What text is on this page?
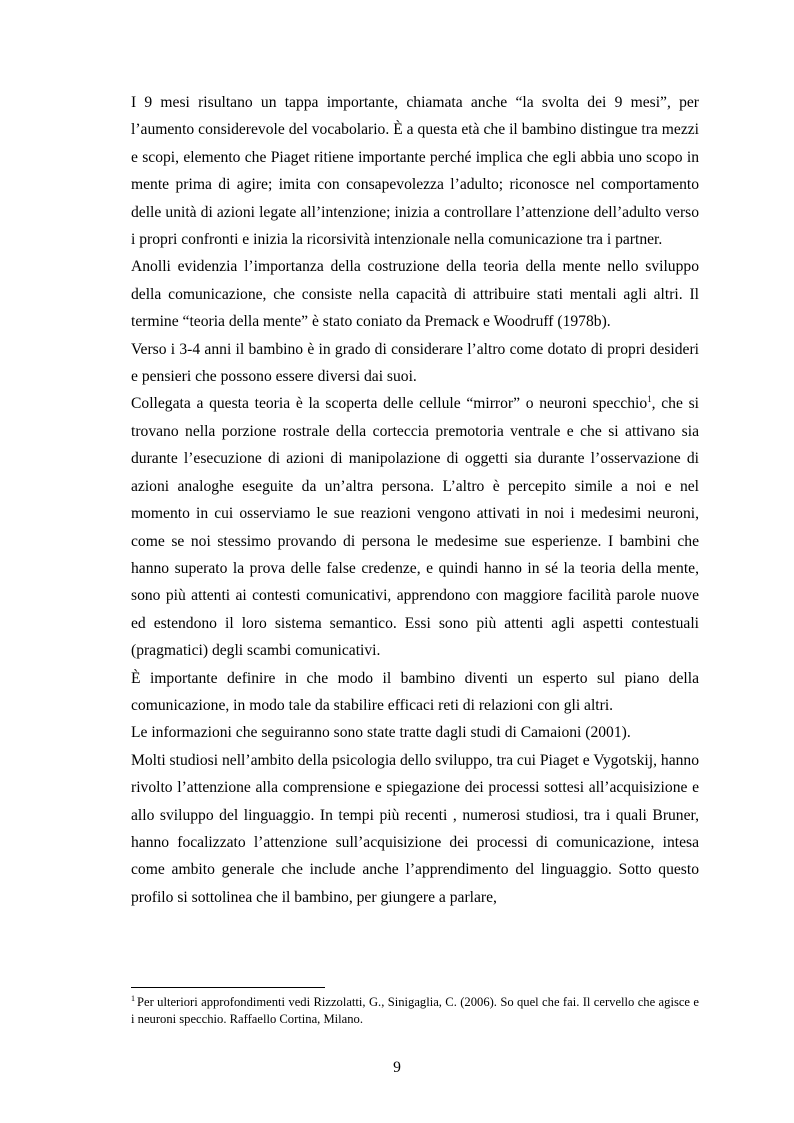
I 9 mesi risultano un tappa importante, chiamata anche “la svolta dei 9 mesi”, per l’aumento considerevole del vocabolario. È a questa età che il bambino distingue tra mezzi e scopi, elemento che Piaget ritiene importante perché implica che egli abbia uno scopo in mente prima di agire; imita con consapevolezza l’adulto; riconosce nel comportamento delle unità di azioni legate all’intenzione; inizia a controllare l’attenzione dell’adulto verso i propri confronti e inizia la ricorsività intenzionale nella comunicazione tra i partner.

Anolli evidenzia l’importanza della costruzione della teoria della mente nello sviluppo della comunicazione, che consiste nella capacità di attribuire stati mentali agli altri. Il termine “teoria della mente” è stato coniato da Premack e Woodruff (1978b).

Verso i 3-4 anni il bambino è in grado di considerare l’altro come dotato di propri desideri e pensieri che possono essere diversi dai suoi.

Collegata a questa teoria è la scoperta delle cellule “mirror” o neuroni specchio$^1$, che si trovano nella porzione rostrale della corteccia premotoria ventrale e che si attivano sia durante l’esecuzione di azioni di manipolazione di oggetti sia durante l’osservazione di azioni analoghe eseguite da un’altra persona. L’altro è percepito simile a noi e nel momento in cui osserviamo le sue reazioni vengono attivati in noi i medesimi neuroni, come se noi stessimo provando di persona le medesime sue esperienze. I bambini che hanno superato la prova delle false credenze, e quindi hanno in sé la teoria della mente, sono più attenti ai contesti comunicativi, apprendono con maggiore facilità parole nuove ed estendono il loro sistema semantico. Essi sono più attenti agli aspetti contestuali (pragmatici) degli scambi comunicativi.

È importante definire in che modo il bambino diventi un esperto sul piano della comunicazione, in modo tale da stabilire efficaci reti di relazioni con gli altri.

Le informazioni che seguiranno sono state tratte dagli studi di Camaioni (2001).

Molti studiosi nell’ambito della psicologia dello sviluppo, tra cui Piaget e Vygotskij, hanno rivolto l’attenzione alla comprensione e spiegazione dei processi sottesi all’acquisizione e allo sviluppo del linguaggio. In tempi più recenti , numerosi studiosi, tra i quali Bruner, hanno focalizzato l’attenzione sull’acquisizione dei processi di comunicazione, intesa come ambito generale che include anche l’apprendimento del linguaggio. Sotto questo profilo si sottolinea che il bambino, per giungere a parlare,

$^1$ Per ulteriori approfondimenti vedi Rizzolatti, G., Sinigaglia, C. (2006). So quel che fai. Il cervello che agisce e i neuroni specchio. Raffaello Cortina, Milano.
9
